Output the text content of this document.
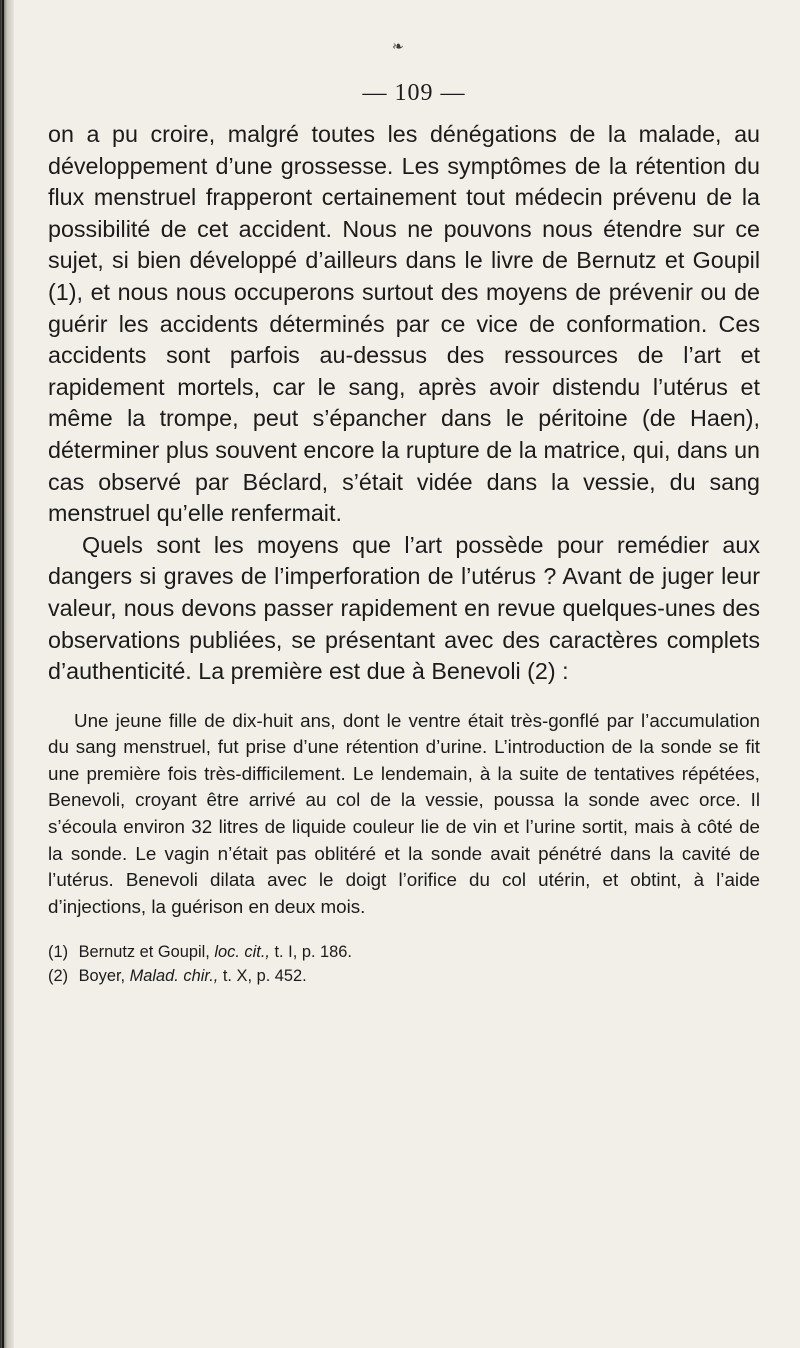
❧
— 109 —

on a pu croire, malgré toutes les dénégations de la malade, au développement d’une grossesse. Les symptômes de la rétention du flux menstruel frapperont certainement tout médecin prévenu de la possibilité de cet accident. Nous ne pouvons nous étendre sur ce sujet, si bien développé d’ailleurs dans le livre de Bernutz et Goupil (1), et nous nous occuperons surtout des moyens de prévenir ou de guérir les accidents déterminés par ce vice de conformation. Ces accidents sont parfois au-dessus des ressources de l’art et rapidement mortels, car le sang, après avoir distendu l’utérus et même la trompe, peut s’épancher dans le péritoine (de Haen), déterminer plus souvent encore la rupture de la matrice, qui, dans un cas observé par Béclard, s’était vidée dans la vessie, du sang menstruel qu’elle renfermait.

Quels sont les moyens que l’art possède pour remédier aux dangers si graves de l’imperforation de l’utérus ? Avant de juger leur valeur, nous devons passer rapidement en revue quelques-unes des observations publiées, se présentant avec des caractères complets d’authenticité. La première est due à Benevoli (2) :

Une jeune fille de dix-huit ans, dont le ventre était très-gonflé par l’accumulation du sang menstruel, fut prise d’une rétention d’urine. L’introduction de la sonde se fit une première fois très-difficilement. Le lendemain, à la suite de tentatives répétées, Benevoli, croyant être arrivé au col de la vessie, poussa la sonde avec orce. Il s’écoula environ 32 litres de liquide couleur lie de vin et l’urine sortit, mais à côté de la sonde. Le vagin n’était pas oblitéré et la sonde avait pénétré dans la cavité de l’utérus. Benevoli dilata avec le doigt l’orifice du col utérin, et obtint, à l’aide d’injections, la guérison en deux mois.

(1) Bernutz et Goupil, loc. cit., t. I, p. 186.

(2) Boyer, Malad. chir., t. X, p. 452.
